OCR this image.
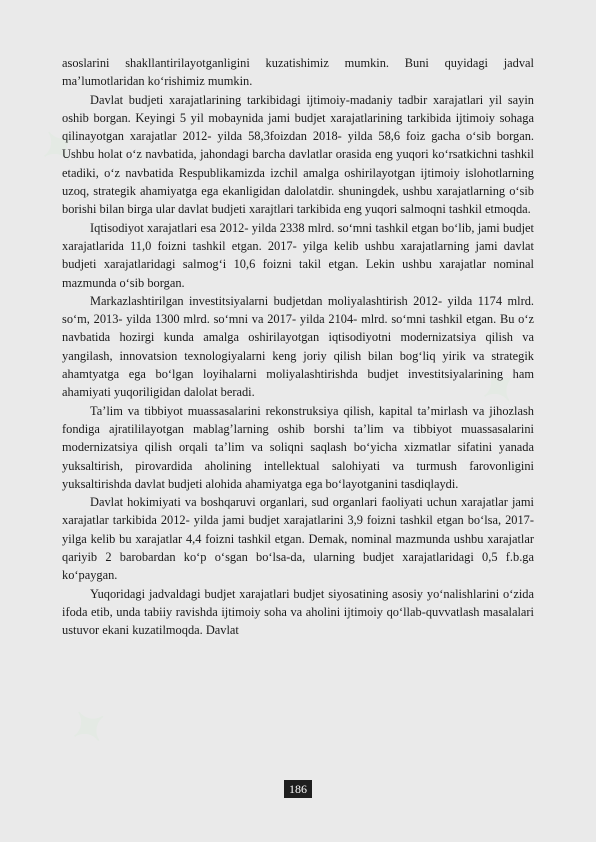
✦
✦
✦

asoslarini shakllantirilayotganligini kuzatishimiz mumkin. Buni quyidagi jadval ma’lumotlaridan ko‘rishimiz mumkin.

Davlat budjeti xarajatlarining tarkibidagi ijtimoiy-madaniy tadbir xarajatlari yil sayin oshib borgan. Keyingi 5 yil mobaynida jami budjet xarajatlarining tarkibida ijtimoiy sohaga qilinayotgan xarajatlar 2012- yilda 58,3foizdan 2018- yilda 58,6 foiz gacha o‘sib borgan. Ushbu holat o‘z navbatida, jahondagi barcha davlatlar orasida eng yuqori ko‘rsatkichni tashkil etadiki, o‘z navbatida Respublikamizda izchil amalga oshirilayotgan ijtimoiy islohotlarning uzoq, strategik ahamiyatga ega ekanligidan dalolatdir. shuningdek, ushbu xarajatlarning o‘sib borishi bilan birga ular davlat budjeti xarajtlari tarkibida eng yuqori salmoqni tashkil etmoqda.

Iqtisodiyot xarajatlari esa 2012- yilda 2338 mlrd. so‘mni tashkil etgan bo‘lib, jami budjet xarajatlarida 11,0 foizni tashkil etgan. 2017- yilga kelib ushbu xarajatlarning jami davlat budjeti xarajatlaridagi salmog‘i 10,6 foizni takil etgan. Lekin ushbu xarajatlar nominal mazmunda o‘sib borgan.

Markazlashtirilgan investitsiyalarni budjetdan moliyalashtirish 2012- yilda 1174 mlrd. so‘m, 2013- yilda 1300 mlrd. so‘mni va 2017- yilda 2104- mlrd. so‘mni tashkil etgan. Bu o‘z navbatida hozirgi kunda amalga oshirilayotgan iqtisodiyotni modernizatsiya qilish va yangilash, innovatsion texnologiyalarni keng joriy qilish bilan bog‘liq yirik va strategik ahamtyatga ega bo‘lgan loyihalarni moliyalashtirishda budjet investitsiyalarining ham ahamiyati yuqoriligidan dalolat beradi.

Ta’lim va tibbiyot muassasalarini rekonstruksiya qilish, kapital ta’mirlash va jihozlash fondiga ajratililayotgan mablag’larning oshib borshi ta’lim va tibbiyot muassasalarini modernizatsiya qilish orqali ta’lim va soliqni saqlash bo‘yicha xizmatlar sifatini yanada yuksaltirish, pirovardida aholining intellektual salohiyati va turmush farovonligini yuksaltirishda davlat budjeti alohida ahamiyatga ega bo‘layotganini tasdiqlaydi.

Davlat hokimiyati va boshqaruvi organlari, sud organlari faoliyati uchun xarajatlar jami xarajatlar tarkibida 2012- yilda jami budjet xarajatlarini 3,9 foizni tashkil etgan bo‘lsa, 2017- yilga kelib bu xarajatlar 4,4 foizni tashkil etgan. Demak, nominal mazmunda ushbu xarajatlar qariyib 2 barobardan ko‘p o‘sgan bo‘lsa-da, ularning budjet xarajatlaridagi 0,5 f.b.ga ko‘paygan.

Yuqoridagi jadvaldagi budjet xarajatlari budjet siyosatining asosiy yo‘nalishlarini o‘zida ifoda etib, unda tabiiy ravishda ijtimoiy soha va aholini ijtimoiy qo‘llab-quvvatlash masalalari ustuvor ekani kuzatilmoqda. Davlat

186
